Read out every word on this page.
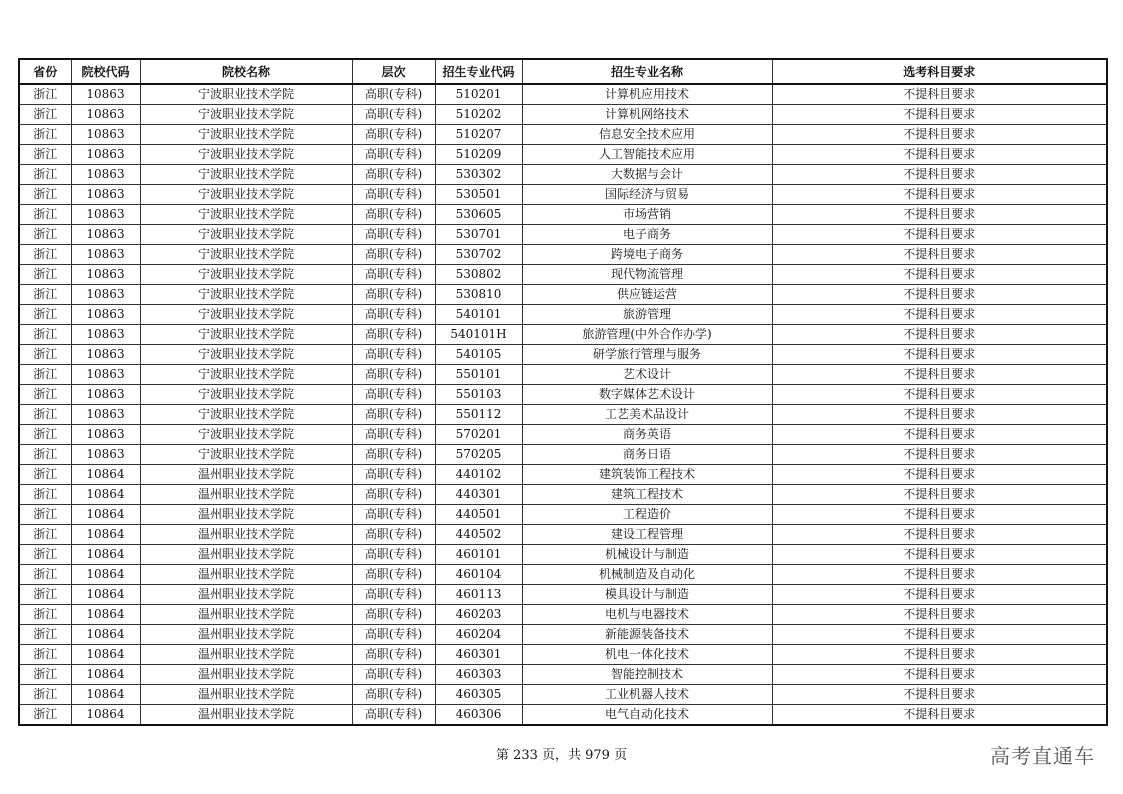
省份	院校代码	院校名称	层次	招生专业代码	招生专业名称	选考科目要求
浙江	10863	宁波职业技术学院	高职(专科)	510201	计算机应用技术	不提科目要求
浙江	10863	宁波职业技术学院	高职(专科)	510202	计算机网络技术	不提科目要求
浙江	10863	宁波职业技术学院	高职(专科)	510207	信息安全技术应用	不提科目要求
浙江	10863	宁波职业技术学院	高职(专科)	510209	人工智能技术应用	不提科目要求
浙江	10863	宁波职业技术学院	高职(专科)	530302	大数据与会计	不提科目要求
浙江	10863	宁波职业技术学院	高职(专科)	530501	国际经济与贸易	不提科目要求
浙江	10863	宁波职业技术学院	高职(专科)	530605	市场营销	不提科目要求
浙江	10863	宁波职业技术学院	高职(专科)	530701	电子商务	不提科目要求
浙江	10863	宁波职业技术学院	高职(专科)	530702	跨境电子商务	不提科目要求
浙江	10863	宁波职业技术学院	高职(专科)	530802	现代物流管理	不提科目要求
浙江	10863	宁波职业技术学院	高职(专科)	530810	供应链运营	不提科目要求
浙江	10863	宁波职业技术学院	高职(专科)	540101	旅游管理	不提科目要求
浙江	10863	宁波职业技术学院	高职(专科)	540101H	旅游管理(中外合作办学)	不提科目要求
浙江	10863	宁波职业技术学院	高职(专科)	540105	研学旅行管理与服务	不提科目要求
浙江	10863	宁波职业技术学院	高职(专科)	550101	艺术设计	不提科目要求
浙江	10863	宁波职业技术学院	高职(专科)	550103	数字媒体艺术设计	不提科目要求
浙江	10863	宁波职业技术学院	高职(专科)	550112	工艺美术品设计	不提科目要求
浙江	10863	宁波职业技术学院	高职(专科)	570201	商务英语	不提科目要求
浙江	10863	宁波职业技术学院	高职(专科)	570205	商务日语	不提科目要求
浙江	10864	温州职业技术学院	高职(专科)	440102	建筑装饰工程技术	不提科目要求
浙江	10864	温州职业技术学院	高职(专科)	440301	建筑工程技术	不提科目要求
浙江	10864	温州职业技术学院	高职(专科)	440501	工程造价	不提科目要求
浙江	10864	温州职业技术学院	高职(专科)	440502	建设工程管理	不提科目要求
浙江	10864	温州职业技术学院	高职(专科)	460101	机械设计与制造	不提科目要求
浙江	10864	温州职业技术学院	高职(专科)	460104	机械制造及自动化	不提科目要求
浙江	10864	温州职业技术学院	高职(专科)	460113	模具设计与制造	不提科目要求
浙江	10864	温州职业技术学院	高职(专科)	460203	电机与电器技术	不提科目要求
浙江	10864	温州职业技术学院	高职(专科)	460204	新能源装备技术	不提科目要求
浙江	10864	温州职业技术学院	高职(专科)	460301	机电一体化技术	不提科目要求
浙江	10864	温州职业技术学院	高职(专科)	460303	智能控制技术	不提科目要求
浙江	10864	温州职业技术学院	高职(专科)	460305	工业机器人技术	不提科目要求
浙江	10864	温州职业技术学院	高职(专科)	460306	电气自动化技术	不提科目要求
第 233 页，共 979 页	高考直通车
